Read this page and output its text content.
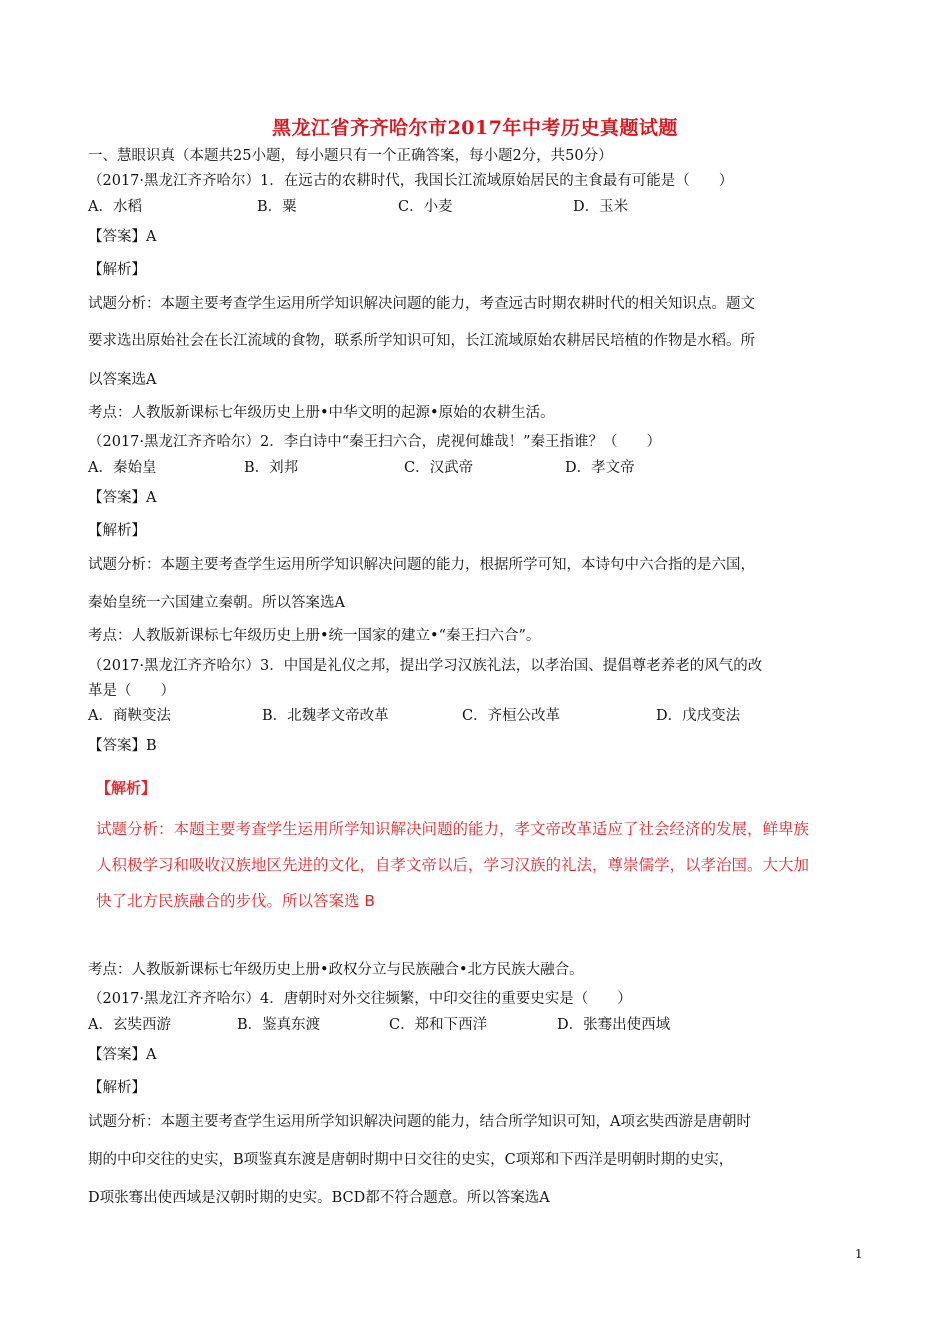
黑龙江省齐齐哈尔市2017年中考历史真题试题
一、慧眼识真（本题共25小题，每小题只有一个正确答案，每小题2分，共50分）
（2017·黑龙江齐齐哈尔）1．在远古的农耕时代，我国长江流域原始居民的主食最有可能是（　　）
A．水稻	B．粟	C．小麦	D．玉米
【答案】A
【解析】
试题分析：本题主要考查学生运用所学知识解决问题的能力，考查远古时期农耕时代的相关知识点。题文
要求选出原始社会在长江流域的食物，联系所学知识可知，长江流域原始农耕居民培植的作物是水稻。所
以答案选A
考点：人教版新课标七年级历史上册•中华文明的起源•原始的农耕生活。
（2017·黑龙江齐齐哈尔）2．李白诗中“秦王扫六合，虎视何雄哉！”秦王指谁？（　　）
A．秦始皇	B．刘邦	C．汉武帝	D．孝文帝
【答案】A
【解析】
试题分析：本题主要考查学生运用所学知识解决问题的能力，根据所学可知，本诗句中六合指的是六国，
秦始皇统一六国建立秦朝。所以答案选A
考点：人教版新课标七年级历史上册•统一国家的建立•“秦王扫六合”。
（2017·黑龙江齐齐哈尔）3．中国是礼仪之邦，提出学习汉族礼法，以孝治国、提倡尊老养老的风气的改
革是（　　）
A．商鞅变法	B．北魏孝文帝改革	C．齐桓公改革	D．戊戌变法
【答案】B
【解析】
试题分析：本题主要考查学生运用所学知识解决问题的能力，孝文帝改革适应了社会经济的发展，鲜卑族
人积极学习和吸收汉族地区先进的文化，自孝文帝以后，学习汉族的礼法，尊崇儒学，以孝治国。大大加
快了北方民族融合的步伐。所以答案选 B
考点：人教版新课标七年级历史上册•政权分立与民族融合•北方民族大融合。
（2017·黑龙江齐齐哈尔）4．唐朝时对外交往频繁，中印交往的重要史实是（　　）
A．玄奘西游	B．鉴真东渡	C．郑和下西洋	D．张骞出使西域
【答案】A
【解析】
试题分析：本题主要考查学生运用所学知识解决问题的能力，结合所学知识可知，A项玄奘西游是唐朝时
期的中印交往的史实，B项鉴真东渡是唐朝时期中日交往的史实，C项郑和下西洋是明朝时期的史实，
D项张骞出使西域是汉朝时期的史实。BCD都不符合题意。所以答案选A
1
